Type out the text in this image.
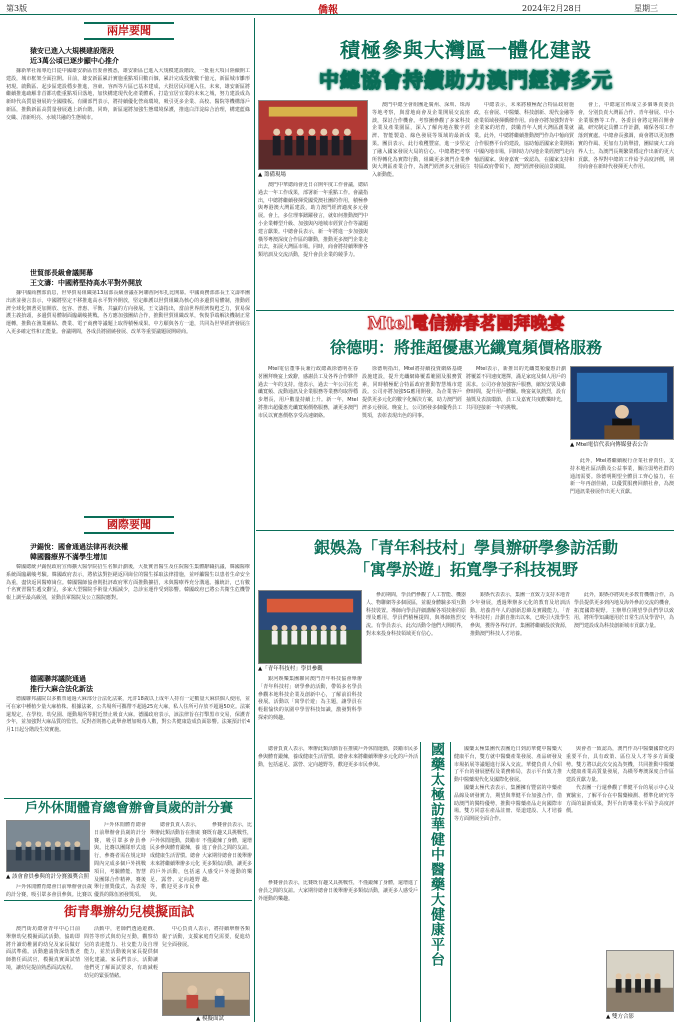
第3版	僑報	2024年2月28日	星期三
兩岸要聞
猿安已進入大規模建設階段
近3萬公頃已逐步顯中心推介

據新華社報導近日從中國雄安新區管委會獲悉，雄安新區已進入大規模建設階段，一批重大項目陸續開工建設，城市框架全面拉開。目前，雄安新區累計實施重點項目數百個，累計完成投資數千億元，新區城市雛形初現。啟動區、起步區建設穩步推進，容東、容西等片區已基本建成，大批居民回遷入住。未來，雄安新區將繼續推進疏解非首都功能重點項目落地，加快構建現代化產業體系，打造宜居宜業的未來之城，努力建設成為新時代高質量發展的全國樣板。有關部門表示，將持續優化營商環境，吸引更多企業、高校、醫院等機構落戶新區，推動新區高質量發展邁上新台階。同時，新區還將加強生態環境保護，推進白洋淀綜合治理，構建藍綠交織、清新明亮、水城共融的生態城市。

世貿部長級會議開幕
王文濤：中國將堅持高水平對外開放

據中國商務部消息，世界貿易組織第13屆部長級會議在阿聯酋阿布扎比開幕。中國商務部部長王文濤率團出席並發言表示，中國將堅定不移推進高水平對外開放，堅定維護以世貿組織為核心的多邊貿易體制，推動經濟全球化朝著更加開放、包容、普惠、平衡、共贏的方向發展。王文濤指出，當前世界經濟復甦乏力，貿易保護主義抬頭，多邊貿易體制面臨嚴峻挑戰。各方應加強團結合作，推動世貿組織改革，恢復爭端解決機制正常運轉，推動在漁業補貼、農業、電子商務等議題上取得積極成果。中方願與各方一道，共同為世界經濟發展注入更多確定性和正能量。會議期間，各成員將圍繞發展、改革等重要議題展開磋商。

國際要聞
尹錫悅：國會通過法律再表決權
韓國醫療界不滿學生增加

韓國總統尹錫悅政府宣佈擴大醫學院招生名額計劃後，大批實習醫生及住院醫生集體辭職抗議，韓國醫療系統面臨嚴峻考驗。韓國政府表示，將依法對拒絕返回崗位的醫生採取法律措施，並呼籲醫生以患者生命安全為重，盡快返回醫療崗位。韓國醫師協會則批評政府單方面推動擴招，未與醫療界充分溝通。據統計，已有數千名實習醫生遞交辭呈，多家大型醫院手術量大幅減少，急診室運作受到影響。韓國政府已將公共衛生危機警報上調至最高級別，並動員軍醫院及公立醫院應對。

德國聯邦議院通過
推行大麻合法化新法

德國聯邦議院以多數票通過大麻部分合法化法案，允許18歲以上成年人持有一定數量大麻供個人使用，並可在家中種植少量大麻植株。根據法案，公共場所可攜帶不超過25克大麻，私人住所可存放不超過50克。法案還規定，在學校、幼兒園、運動場所等附近禁止吸食大麻。德國政府表示，該法律旨在打擊黑市交易，保護青少年，並加強對大麻品質的監管。反對者則擔心此舉會增加吸毒人數，對公共健康造成負面影響。法案預計於4月1日起分階段生效實施。

戶外休閒體育總會辦會員歲的計分賽
▲ 該會會員參與的計分賽頒獎合照

戶外休閒體育總會日前舉辦會員歲的計分賽，吸引眾多會員參與。比賽以團隊形式進行，參賽者需在規定時間內完成多個戶外挑戰項目，考驗體能、智慧及團隊合作精神。賽後舉行頒獎儀式，為表現優異的隊伍頒發獎項。

總會負責人表示，舉辦此類活動旨在推廣戶外休閒運動，鼓勵市民多參與體育鍛煉，養成健康生活習慣。總會未來將繼續舉辦多元化的戶外活動，包括遠足、露營、定向越野等，歡迎更多市民參與。

參賽會員表示，比賽既有趣又具挑戰性，不僅鍛煉了身體，還增進了會員之間的友誼。大家期待總會日後舉辦更多類似活動，讓更多人感受戶外運動的樂趣。

戶外休閒體育總會日前舉辦會員歲的計分賽，吸引眾多會員參與。比賽以

街青舉辦幼兒模擬面試

澳門街坊總會青年中心日前舉辦幼兒模擬面試活動，協助即將升讀幼稚園的幼兒及家長做好面試準備。活動邀請資深幼教老師擔任面試官，模擬真實面試情境，讓幼兒提前熟悉面試流程。

活動中，老師們透過遊戲、問答等形式與幼兒互動，觀察幼兒的表達能力、社交能力及自理能力，並於活動後向家長提供個別化建議。家長們表示，活動讓他們更了解面試要求，有助減輕幼兒的緊張情緒。

中心負責人表示，將持續舉辦各類親子活動，支援家庭育兒需要，促進幼兒全面發展。

▲ 模擬面試
積極參與大灣區一體化建設
中總協會持續助力澳門經濟多元
▲ 籌備現場

澳門中華總商會近日召開年度工作會議，總結過去一年工作成果，部署新一年重點工作。會議指出，中總將繼續發揮愛國愛澳社團的作用，積極參與粵港澳大灣區建設，助力澳門經濟適度多元發展。會上，多位理事踴躍發言，就如何推動澳門中小企業轉型升級、加強與內地城市經貿合作等議題建言獻策。中總會長表示，新一年將進一步加強與橫琴粵澳深度合作區的聯動，推動更多澳門企業走出去，拓展大灣區市場。同時，商會將持續舉辦各類培訓及交流活動，提升會員企業的競爭力。

澳門中總全會組團赴廣州、深圳、珠海等地考察，與當地商會及企業開展交流座談，探討合作機會。考察團參觀了多家科技企業及產業園區，深入了解內地在數字經濟、智能製造、綠色發展等領域的最新成果。團員表示，此行收穫豐富，進一步堅定了融入國家發展大局的信心。中總將把考察所得轉化為實際行動，組織更多澳門企業參與大灣區產業合作，為澳門經濟多元發展注入新動能。

中總表示，未來將積極配合特區政府施政，在會展、中醫藥、科技創新、現代金融等產業領域發揮橋樑作用。商會亦將加強對青年企業家的培育，鼓勵青年人到大灣區創業就業。此外，中總將繼續推動澳門作為中葡商貿合作服務平台的建設，協助葡語國家企業開拓中國內地市場，同時助力內地企業經澳門走向葡語國家。與會嘉賓一致認為，在國家支持和特區政府帶領下，澳門經濟發展前景廣闊。

會上，中總還宣佈成立多個專責委員會，分別負責大灣區合作、青年發展、中小企業服務等工作。各委員會將定期召開會議，研究制定具體工作計劃，確保各項工作落到實處。中總會長強調，商會將以更加務實的作風、更加有力的舉措，團結廣大工商界人士，為澳門長期繁榮穩定作出新的更大貢獻。各界對中總的工作給予高度評價，期待商會在新時代發揮更大作用。

Mtel電信辦春茗團拜晚宴
徐德明：將推超優惠光纖寬頻價格服務

Mtel電信董事長兼行政總裁徐德明在春茗團拜晚宴上致辭，感謝員工及各界合作夥伴過去一年的支持。他表示，過去一年公司在光纖寬頻、流動通訊及企業服務等業務均取得穩步增長，用戶數量持續上升。新一年，Mtel將推出超優惠光纖寬頻價格服務，讓更多澳門市民以實惠價格享受高速網絡。

徐德明指出，Mtel將持續投資網絡基礎設施建設，提升光纖網絡覆蓋範圍及服務質素，同時積極配合特區政府推動智慧城市建設。公司亦將加強5G應用開發，為企業客戶提供更多元化的數字化解決方案，助力澳門經濟多元發展。晚宴上，公司頒發多個優秀員工獎項，表彰表現出色的同事。

Mtel表示，新推出的光纖寬頻優惠計劃將覆蓋不同速度選擇，滿足家庭及個人用戶的需求。公司亦會加強客戶服務，縮短安裝及維修時間，提升用戶體驗。晚宴氣氛熱烈，設有抽獎及表演環節，員工及嘉賓共度歡樂時光，共同迎接新一年的挑戰。

▲ Mtel電信代表向傳媒發表公告

此外，Mtel將繼續履行企業社會責任，支持本地社區活動及公益事業，關注弱勢社群的通訊需要。徐德明期望全體員工齊心協力，在新一年再創佳績，以優質服務回饋社會，為澳門通訊業發展作出更大貢獻。

銀娛為「青年科技村」學員辦研學參訪活動
「寓學於遊」拓寬學子科技視野
▲「青年科技村」學員參觀

銀河娛樂集團聯同澳門青年科技協會舉辦「青年科技村」研學參訪活動，帶領多名學員參觀本地科技企業及創新中心，了解前沿科技發展。活動以「寓學於遊」為主題，讓學員在輕鬆愉快的氛圍中學習科技知識，激發對科學探索的興趣。

參訪期間，學員們參觀了人工智能、機器人、物聯網等多個展區，並親身體驗多項互動科技裝置。導師向學員詳細講解各項技術的原理及應用，學員們積極提問，與導師熱烈交流。有學員表示，此次活動令他們大開眼界，對未來投身科技領域更有信心。

銀娛代表表示，集團一直致力支持本地青少年發展，透過舉辦多元化的教育及培訓活動，培養青年人的創新思維及實踐能力。「青年科技村」計劃自推出以來，已吸引大批學生參與，獲得各界好評。集團將繼續投放資源，推動澳門科技人才培養。

此外，銀娛亦將與更多教育機構合作，為學員提供更多到內地及海外參訪交流的機會，拓寬國際視野。主辦單位期望學員們學以致用，將所學知識運用於日常生活及學習中，為澳門建設成為科技創新城市貢獻力量。

總會負責人表示，舉辦此類活動旨在推廣戶外休閒運動，鼓勵市民多參與體育鍛煉，養成健康生活習慣。總會未來將繼續舉辦多元化的戶外活動，包括遠足、露營、定向越野等，歡迎更多市民參與。

參賽會員表示，比賽既有趣又具挑戰性，不僅鍛煉了身體，還增進了會員之間的友誼。大家期待總會日後舉辦更多類似活動，讓更多人感受戶外運動的樂趣。	國藥太極訪華健中醫藥大健康平台	國藥太極集團代表團近日到訪華健中醫藥大健康平台，雙方就中醫藥產業發展、產品研發及市場拓展等議題進行深入交流。華健負責人介紹了平台的發展歷程及業務佈局，表示平台致力推動中醫藥現代化及國際化發展。

國藥太極代表表示，集團擁有豐富的中藥產品線及研發實力，期望與華健平台加強合作，借助澳門的獨特優勢，推動中醫藥產品走向國際市場。雙方同意在產品註冊、渠道建設、人才培養等方面開展全面合作。

與會者一致認為，澳門作為中醫藥國際化的重要平台，具有政策、區位及人才等多方面優勢。雙方將以此次交流為契機，共同推動中醫藥大健康產業高質量發展，為橫琴粵澳深度合作區建設貢獻力量。

代表團一行還參觀了華健平台的展示中心及實驗室，了解平台在中醫藥檢測、標準化研究等方面的最新成果，對平台的專業水平給予高度評價。

▲ 雙方合影
